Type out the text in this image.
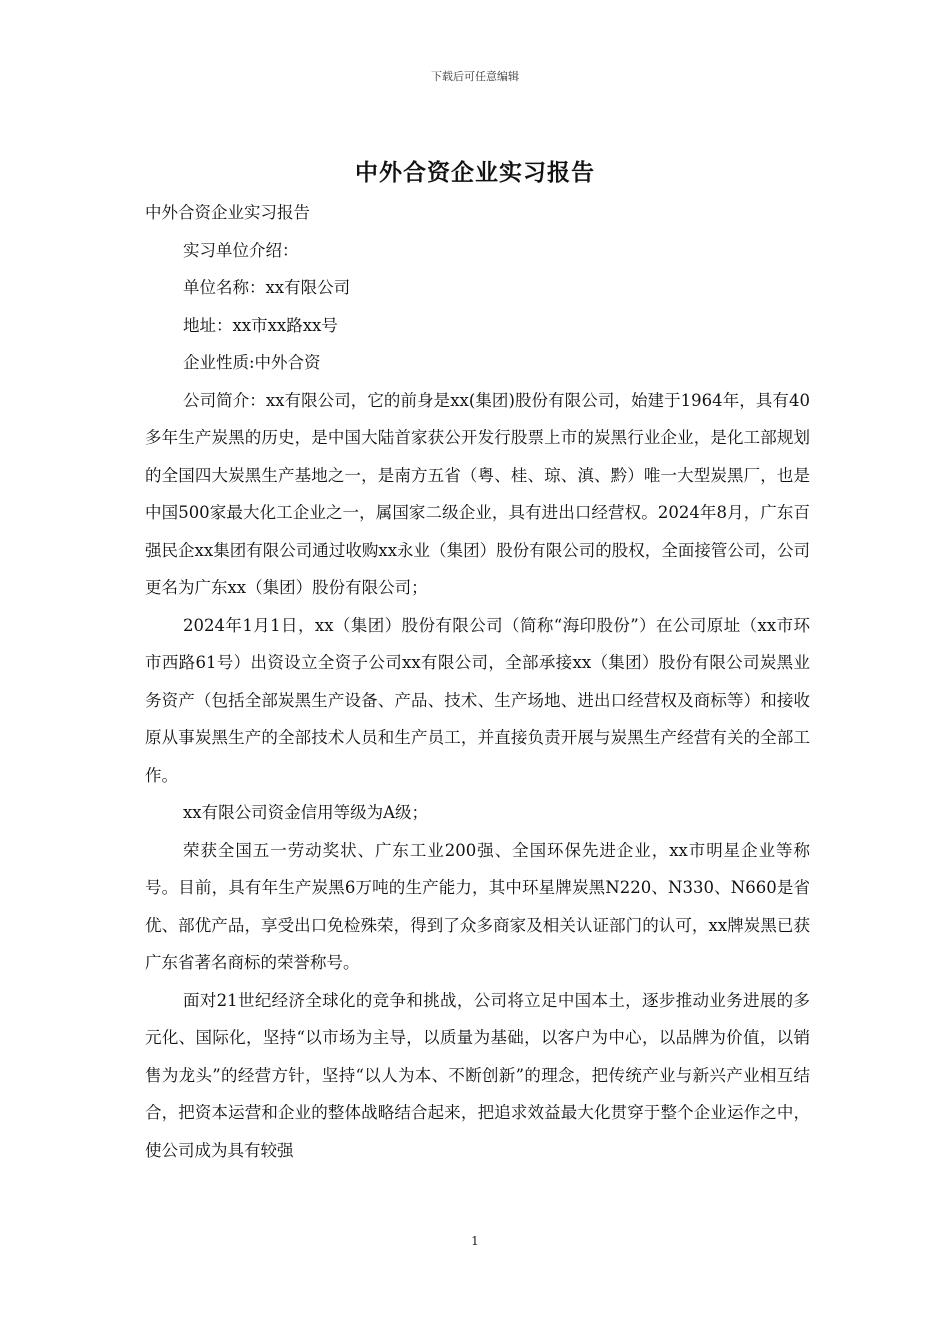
下载后可任意编辑
中外合资企业实习报告

中外合资企业实习报告

实习单位介绍：

单位名称：xx有限公司

地址：xx市xx路xx号

企业性质:中外合资

公司简介：xx有限公司，它的前身是xx(集团)股份有限公司，始建于1964年，具有40多年生产炭黑的历史，是中国大陆首家获公开发行股票上市的炭黑行业企业，是化工部规划的全国四大炭黑生产基地之一，是南方五省（粤、桂、琼、滇、黔）唯一大型炭黑厂，也是中国500家最大化工企业之一，属国家二级企业，具有进出口经营权。2024年8月，广东百强民企xx集团有限公司通过收购xx永业（集团）股份有限公司的股权，全面接管公司，公司更名为广东xx（集团）股份有限公司；

2024年1月1日，xx（集团）股份有限公司（简称“海印股份”）在公司原址（xx市环市西路61号）出资设立全资子公司xx有限公司，全部承接xx（集团）股份有限公司炭黑业务资产（包括全部炭黑生产设备、产品、技术、生产场地、进出口经营权及商标等）和接收原从事炭黑生产的全部技术人员和生产员工，并直接负责开展与炭黑生产经营有关的全部工作。

xx有限公司资金信用等级为A级；

荣获全国五一劳动奖状、广东工业200强、全国环保先进企业，xx市明星企业等称号。目前，具有年生产炭黑6万吨的生产能力，其中环星牌炭黑N220、N330、N660是省优、部优产品，享受出口免检殊荣，得到了众多商家及相关认证部门的认可，xx牌炭黑已获广东省著名商标的荣誉称号。

面对21世纪经济全球化的竞争和挑战，公司将立足中国本土，逐步推动业务进展的多元化、国际化，坚持“以市场为主导，以质量为基础，以客户为中心，以品牌为价值，以销售为龙头”的经营方针，坚持“以人为本、不断创新”的理念，把传统产业与新兴产业相互结合，把资本运营和企业的整体战略结合起来，把追求效益最大化贯穿于整个企业运作之中，使公司成为具有较强

1
